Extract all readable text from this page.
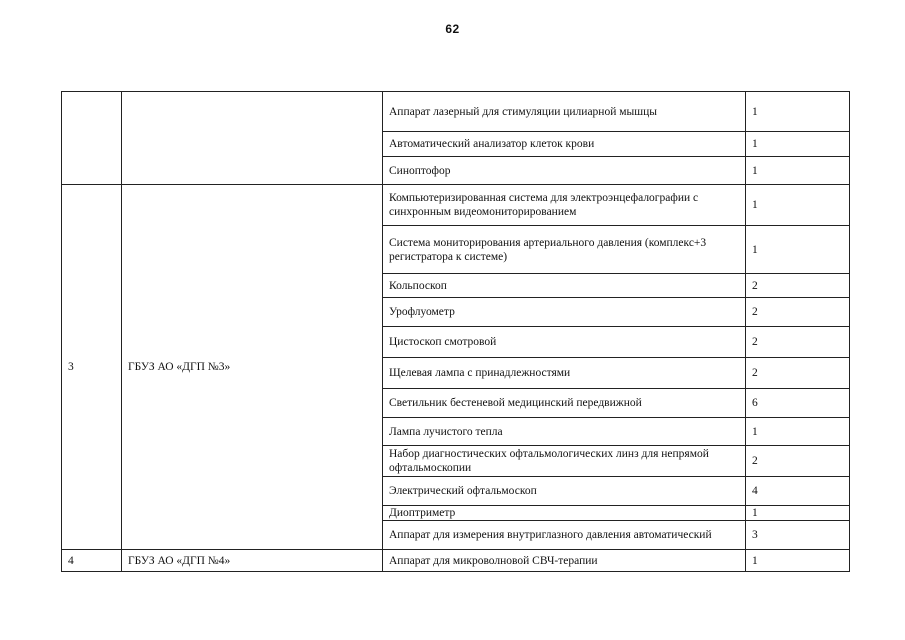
62
		Аппарат лазерный для стимуляции цилиарной мышцы	1
		Автоматический анализатор клеток крови	1
		Синоптофор	1
3	ГБУЗ АО «ДГП №3»	Компьютеризированная система для электроэнцефалографии с синхронным видеомониторированием	1
		Система мониторирования артериального давления (комплекс+3 регистратора к системе)	1
		Кольпоскоп	2
		Урофлуометр	2
		Цистоскоп смотровой	2
		Щелевая лампа с принадлежностями	2
		Светильник бестеневой медицинский передвижной	6
		Лампа лучистого тепла	1
		Набор диагностических офтальмологических линз для непрямой офтальмоскопии	2
		Электрический офтальмоскоп	4
		Диоптриметр	1
		Аппарат для измерения внутриглазного давления автоматический	3
4	ГБУЗ АО «ДГП №4»	Аппарат для микроволновой СВЧ-терапии	1
